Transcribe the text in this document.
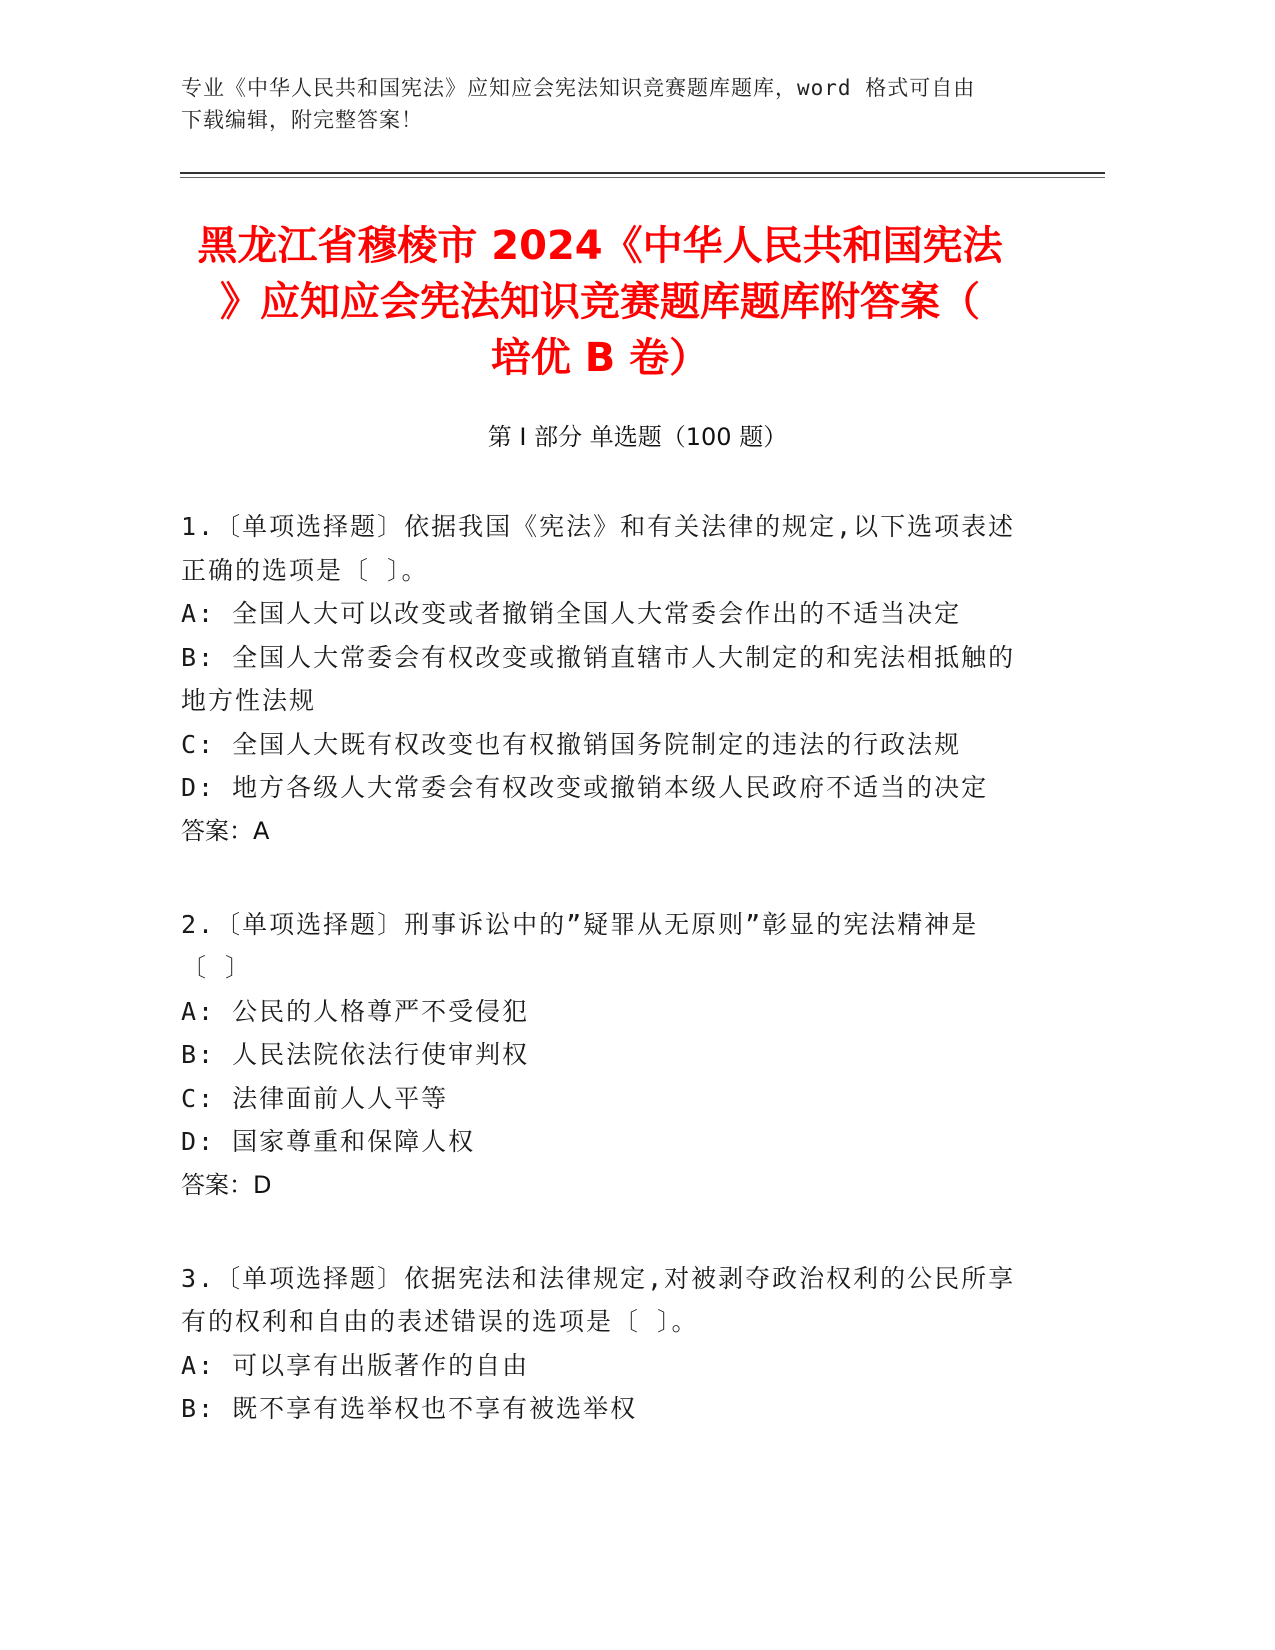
专业《中华人民共和国宪法》应知应会宪法知识竞赛题库题库，word 格式可自由
下载编辑，附完整答案！
黑龙江省穆棱市 2024《中华人民共和国宪法
》应知应会宪法知识竞赛题库题库附答案（
培优 B 卷）
第 I 部分 单选题（100 题）
1.〔单项选择题〕依据我国《宪法》和有关法律的规定,以下选项表述
正确的选项是〔 〕。
A: 全国人大可以改变或者撤销全国人大常委会作出的不适当决定
B: 全国人大常委会有权改变或撤销直辖市人大制定的和宪法相抵触的
地方性法规
C: 全国人大既有权改变也有权撤销国务院制定的违法的行政法规
D: 地方各级人大常委会有权改变或撤销本级人民政府不适当的决定
答案：A
2.〔单项选择题〕刑事诉讼中的”疑罪从无原则”彰显的宪法精神是
〔 〕
A: 公民的人格尊严不受侵犯
B: 人民法院依法行使审判权
C: 法律面前人人平等
D: 国家尊重和保障人权
答案：D
3.〔单项选择题〕依据宪法和法律规定,对被剥夺政治权利的公民所享
有的权利和自由的表述错误的选项是〔 〕。
A: 可以享有出版著作的自由
B: 既不享有选举权也不享有被选举权
